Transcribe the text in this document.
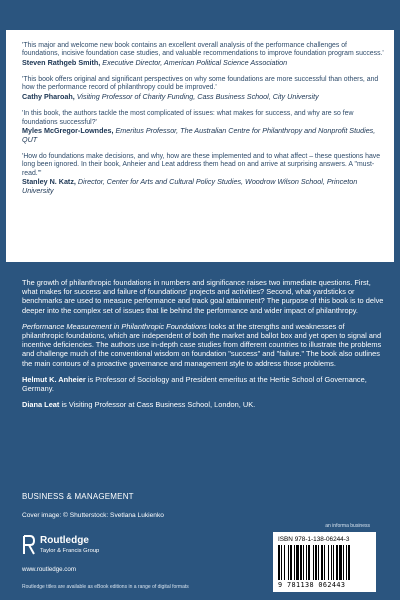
'This major and welcome new book contains an excellent overall analysis of the performance challenges of foundations, incisive foundation case studies, and valuable recommendations to improve foundation program success.'
Steven Rathgeb Smith, Executive Director, American Political Science Association
'This book offers original and significant perspectives on why some foundations are more successful than others, and how the performance record of philanthropy could be improved.'
Cathy Pharoah, Visiting Professor of Charity Funding, Cass Business School, City University
'In this book, the authors tackle the most complicated of issues: what makes for success, and why are so few foundations successful?'
Myles McGregor-Lowndes, Emeritus Professor, The Australian Centre for Philanthropy and Nonprofit Studies, QUT
'How do foundations make decisions, and why, how are these implemented and to what affect – these questions have long been ignored. In their book, Anheier and Leat address them head on and arrive at surprising answers. A "must-read."'
Stanley N. Katz, Director, Center for Arts and Cultural Policy Studies, Woodrow Wilson School, Princeton University

The growth of philanthropic foundations in numbers and significance raises two immediate questions. First, what makes for success and failure of foundations' projects and activities? Second, what yardsticks or benchmarks are used to measure performance and track goal attainment? The purpose of this book is to delve deeper into the complex set of issues that lie behind the performance and wider impact of philanthropy.

Performance Measurement in Philanthropic Foundations looks at the strengths and weaknesses of philanthropic foundations, which are independent of both the market and ballot box and yet open to signal and incentive deficiencies. The authors use in-depth case studies from different countries to illustrate the problems and challenge much of the conventional wisdom on foundation "success" and "failure." The book also outlines the main contours of a proactive governance and management style to address those problems.

Helmut K. Anheier is Professor of Sociology and President emeritus at the Hertie School of Governance, Germany.

Diana Leat is Visiting Professor at Cass Business School, London, UK.

BUSINESS & MANAGEMENT
Cover image: © Shutterstock: Svetlana Lukienko
Routledge
Taylor & Francis Group
www.routledge.com
Routledge titles are available as eBook editions in a range of digital formats
an informa business
ISBN 978-1-138-06244-3
9 781138 062443
